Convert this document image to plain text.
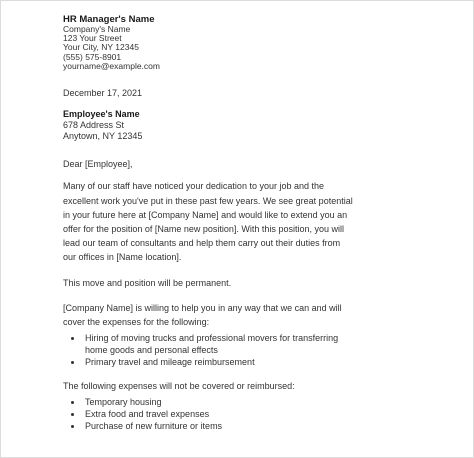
HR Manager's Name
Company's Name
123 Your Street
Your City, NY 12345
(555) 575-8901
yourname@example.com
December 17, 2021
Employee's Name
678 Address St
Anytown, NY 12345

Dear [Employee],

Many of our staff have noticed your dedication to your job and the excellent work you've put in these past few years. We see great potential in your future here at [Company Name] and would like to extend you an offer for the position of [Name new position]. With this position, you will lead our team of consultants and help them carry out their duties from our offices in [Name location].

This move and position will be permanent.

[Company Name] is willing to help you in any way that we can and will cover the expenses for the following:

• Hiring of moving trucks and professional movers for transferring home goods and personal effects
• Primary travel and mileage reimbursement

The following expenses will not be covered or reimbursed:

• Temporary housing
• Extra food and travel expenses
• Purchase of new furniture or items
